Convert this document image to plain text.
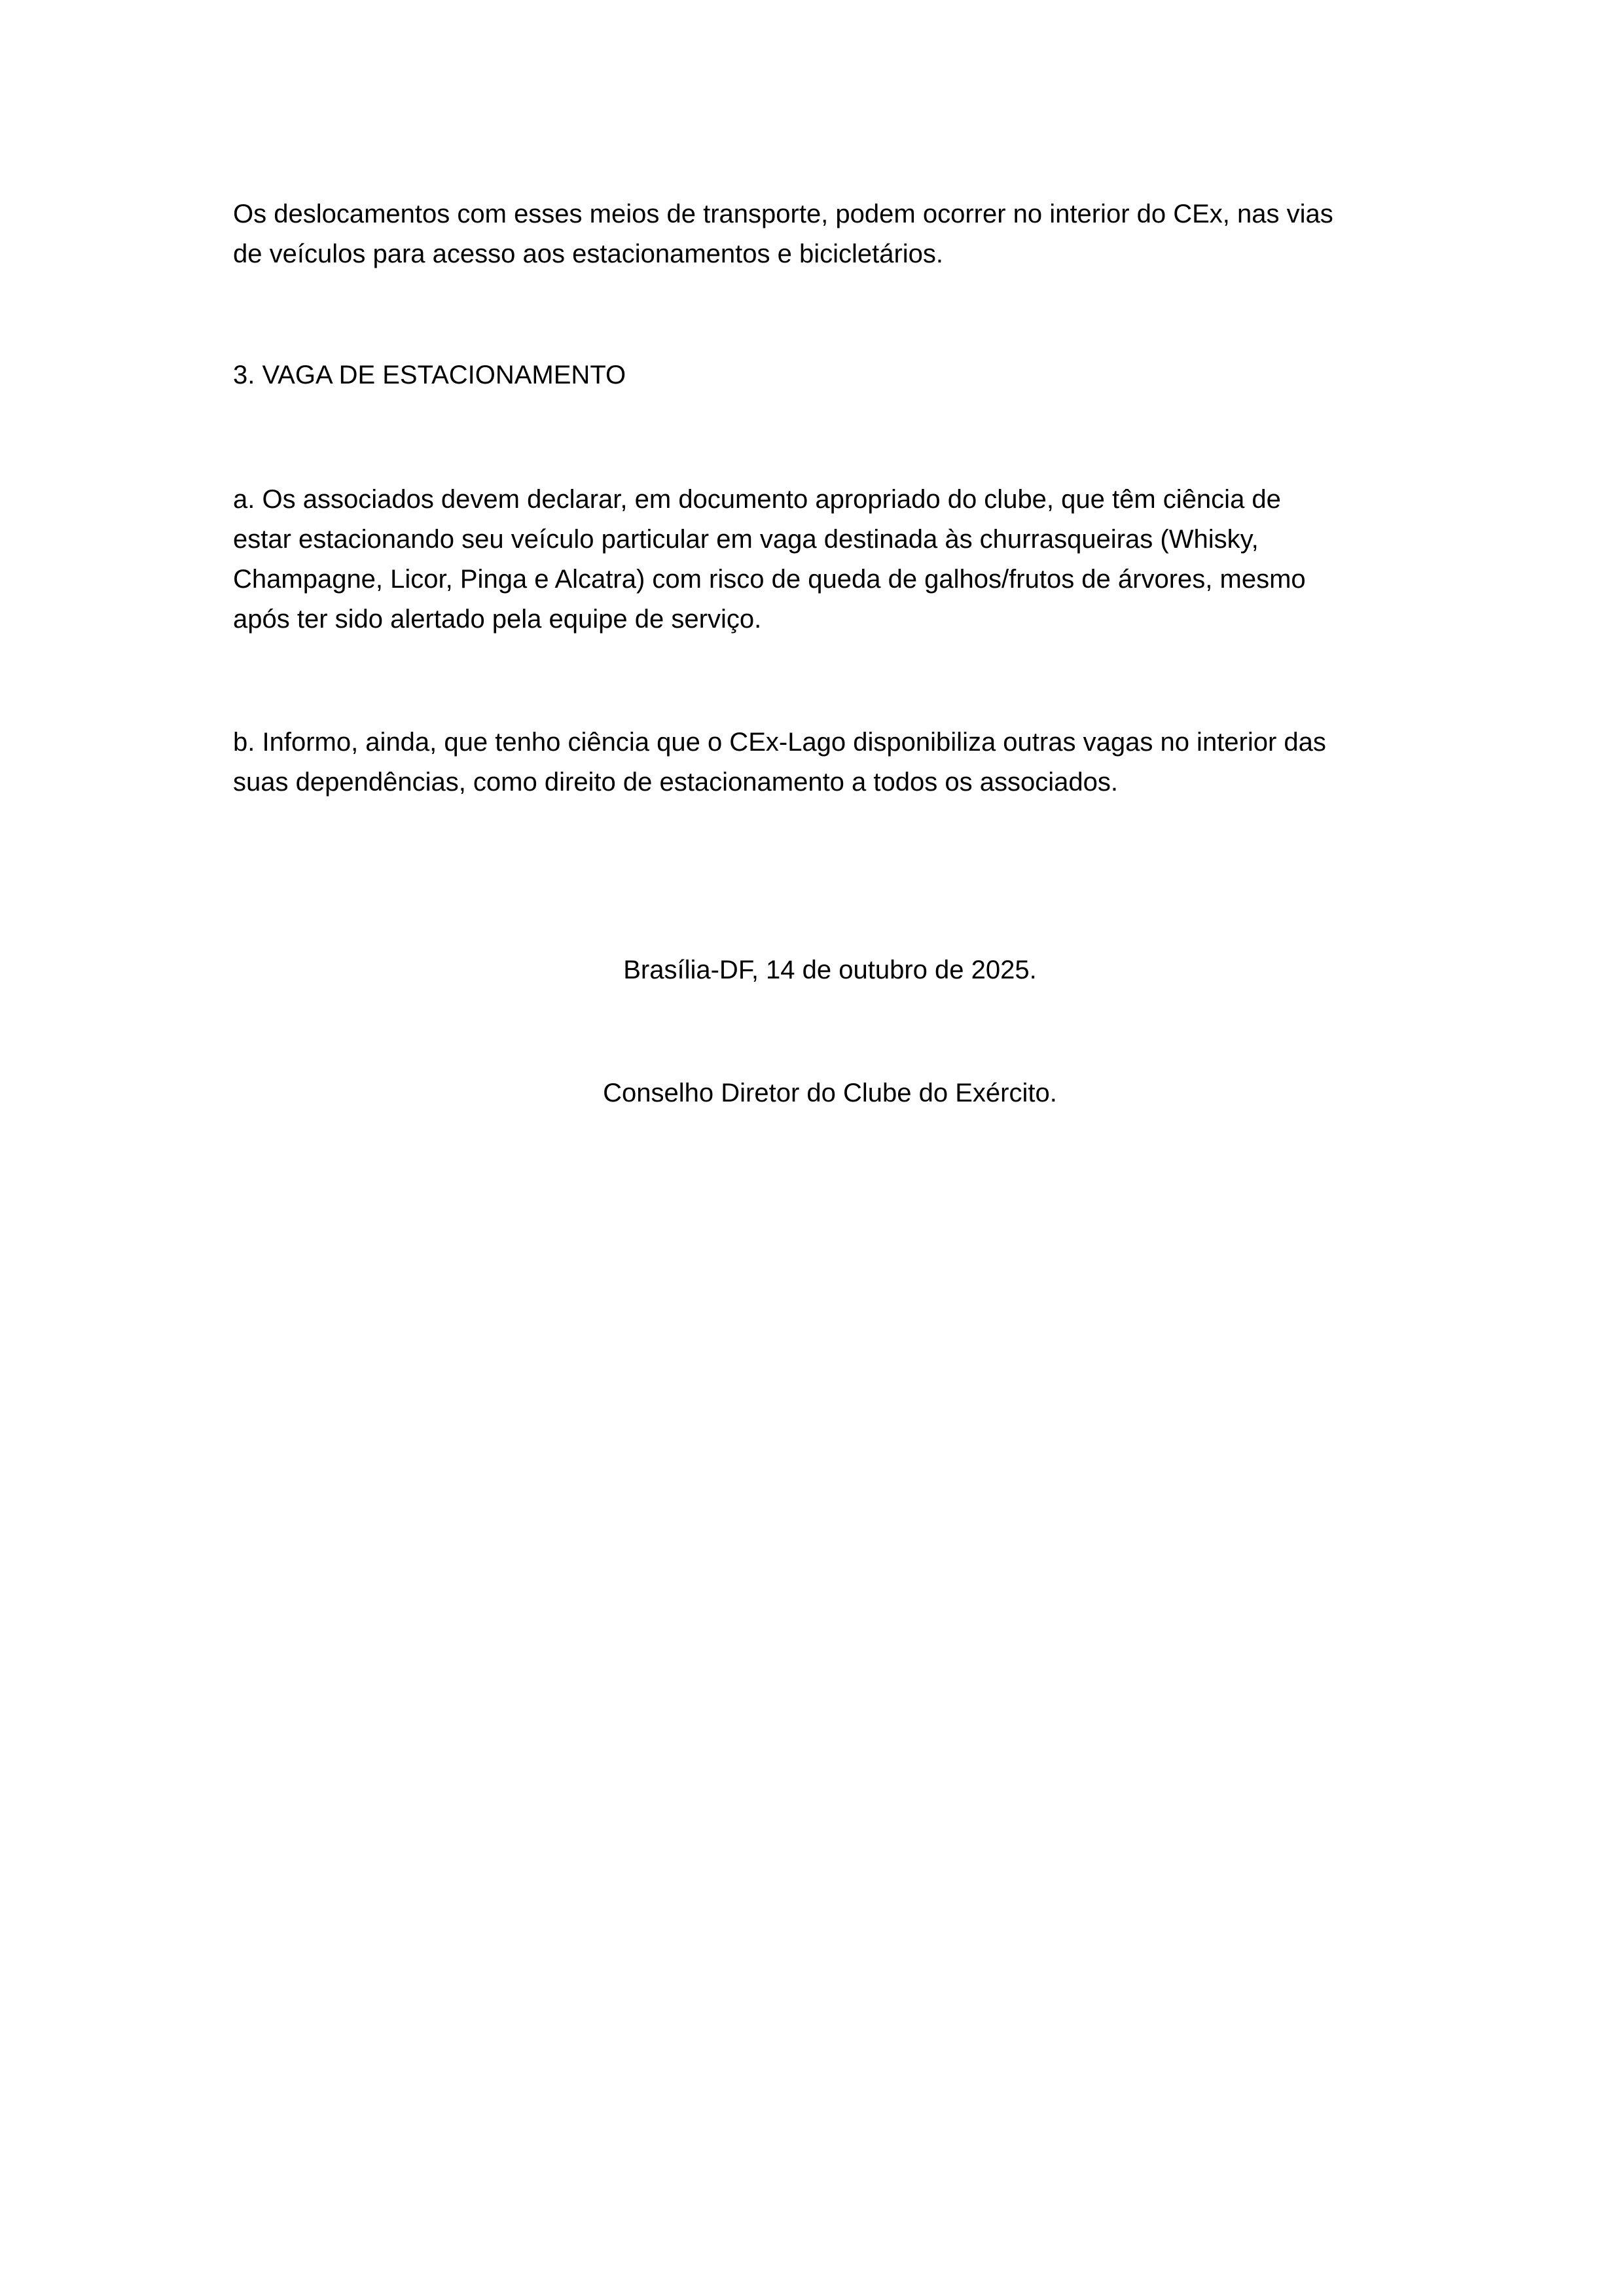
Os deslocamentos com esses meios de transporte, podem ocorrer no interior do CEx, nas vias
de veículos para acesso aos estacionamentos e bicicletários.

3. VAGA DE ESTACIONAMENTO

a. Os associados devem declarar, em documento apropriado do clube, que têm ciência de
estar estacionando seu veículo particular em vaga destinada às churrasqueiras (Whisky,
Champagne, Licor, Pinga e Alcatra) com risco de queda de galhos/frutos de árvores, mesmo
após ter sido alertado pela equipe de serviço.

b. Informo, ainda, que tenho ciência que o CEx-Lago disponibiliza outras vagas no interior das
suas dependências, como direito de estacionamento a todos os associados.

Brasília-DF, 14 de outubro de 2025.

Conselho Diretor do Clube do Exército.
